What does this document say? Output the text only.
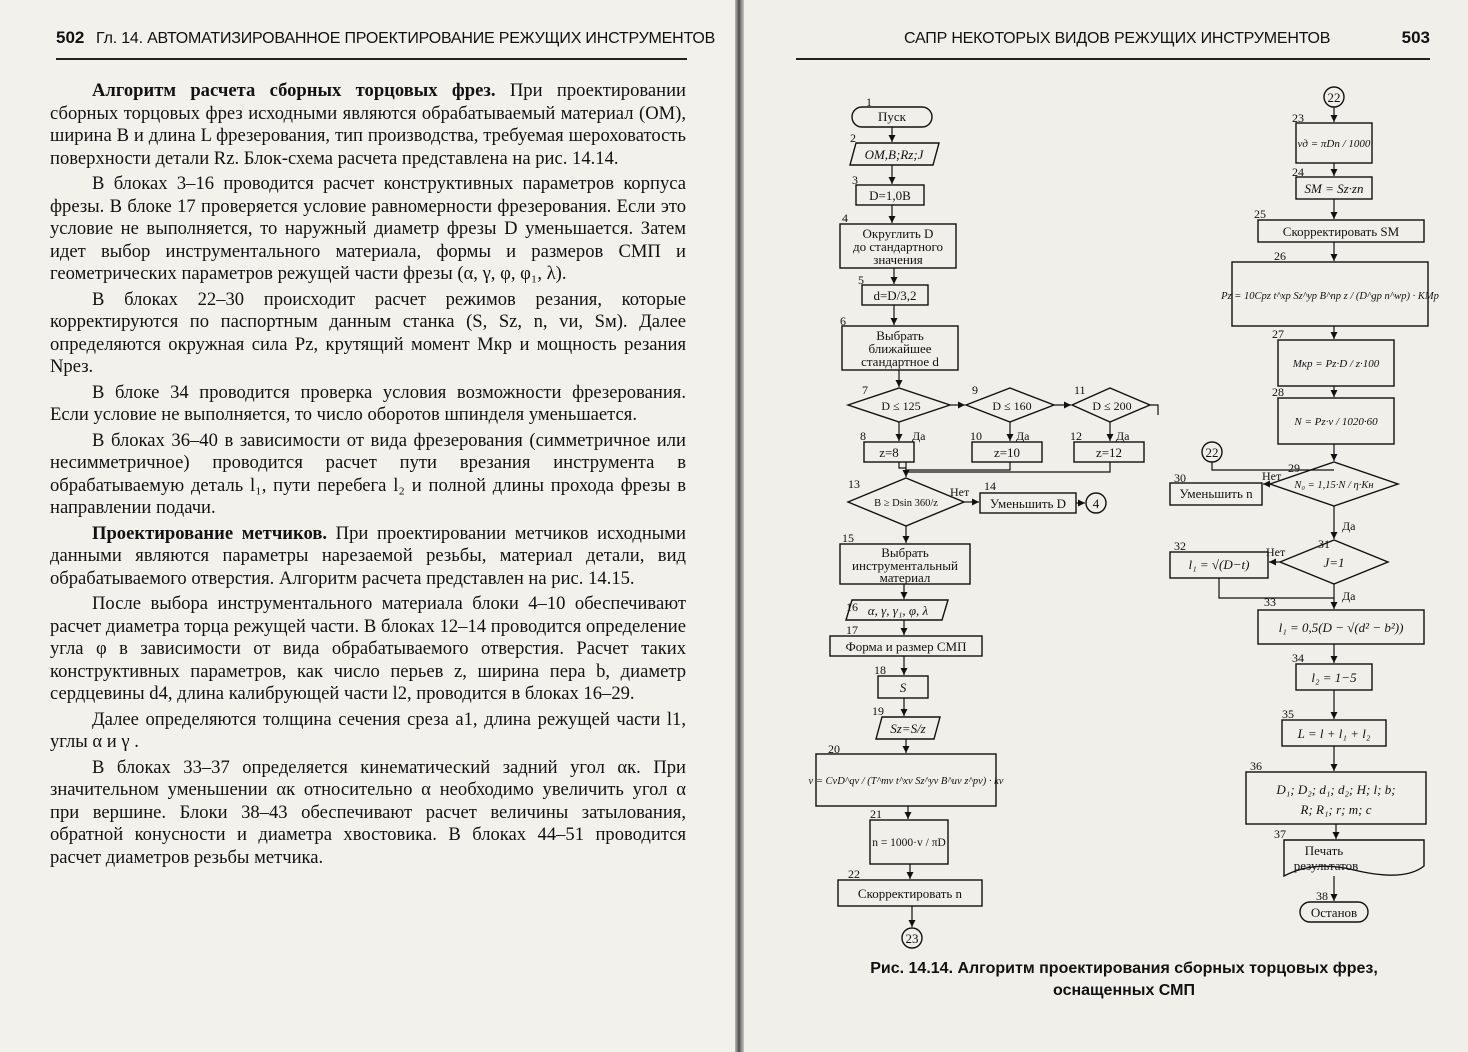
502 Гл. 14. АВТОМАТИЗИРОВАННОЕ ПРОЕКТИРОВАНИЕ РЕЖУЩИХ ИНСТРУМЕНТОВ

Алгоритм расчета сборных торцовых фрез. При проектировании сборных торцовых фрез исходными являются обрабатываемый материал (ОМ), ширина B и длина L фрезерования, тип производства, требуемая шероховатость поверхности детали Rz. Блок-схема расчета представлена на рис. 14.14.

В блоках 3–16 проводится расчет конструктивных параметров корпуса фрезы. В блоке 17 проверяется условие равномерности фрезерования. Если это условие не выполняется, то наружный диаметр фрезы D уменьшается. Затем идет выбор инструментального материала, формы и размеров СМП и геометрических параметров режущей части фрезы (α, γ, φ, φ₁, λ).

В блоках 22–30 происходит расчет режимов резания, которые корректируются по паспортным данным станка (S, Sz, n, vи, Sм). Далее определяются окружная сила Pz, крутящий момент Mкр и мощность резания Nрез.

В блоке 34 проводится проверка условия возможности фрезерования. Если условие не выполняется, то число оборотов шпинделя уменьшается.

В блоках 36–40 в зависимости от вида фрезерования (симметричное или несимметричное) проводится расчет пути врезания инструмента в обрабатываемую деталь l₁, пути перебега l₂ и полной длины прохода фрезы в направлении подачи.

Проектирование метчиков. При проектировании метчиков исходными данными являются параметры нарезаемой резьбы, материал детали, вид обрабатываемого отверстия. Алгоритм расчета представлен на рис. 14.15.

После выбора инструментального материала блоки 4–10 обеспечивают расчет диаметра торца режущей части. В блоках 12–14 проводится определение угла φ в зависимости от вида обрабатываемого отверстия. Расчет таких конструктивных параметров, как число перьев z, ширина пера b, диаметр сердцевины d4, длина калибрующей части l2, проводится в блоках 16–29.

Далее определяются толщина сечения среза a1, длина режущей части l1, углы α и γ .

В блоках 33–37 определяется кинематический задний угол αк. При значительном уменьшении αк относительно α необходимо увеличить угол α при вершине. Блоки 38–43 обеспечивают расчет величины затылования, обратной конусности и диаметра хвостовика. В блоках 44–51 проводится расчет диаметров резьбы метчика.

САПР НЕКОТОРЫХ ВИДОВ РЕЖУЩИХ ИНСТРУМЕНТОВ	503
Пуск
OM,B;Rz;J
D=1,0B
Округлить D
до стандартного
значения
d=D/3,2
Выбрать
ближайшее
стандартное d
D ≤ 125	D ≤ 160	D ≤ 200
z=8	z=10	z=12
B ≥ Dsin 360/z	Уменьшить D 4
Выбрать
инструментальный
материал
α, γ, γ₁, φ, λ
Форма и размер СМП
S
Sz=S/z
v = CvD^qv / (T^mv t^xv Sz^yv B^uv z^pv) · kv
n = 1000·v / πD
Скорректировать n
23
22
vд = πDn / 1000
SM = Sz·zn
Скорректировать SM
Pz = 10Cpz t^xp Sz^yp B^np z / (D^gp n^wp) · KMp
Mкр = Pz·D / z·100
N = Pz·v / 1020·60
22
N₀ = 1,15·N / η·Kн
Уменьшить n
J=1
l₁ = √(D−t)
l₁ = 0,5(D − √(d² − b²))
l₂ = 1−5
L = l + l₁ + l₂
D₁; D₂; d₁; d₂; H; l; b;
R; R₁; r; m; c
Печать
результатов
Останов
Да	Да	Да
Нет
Нет
Да
Нет
Да
1
2
3
4
5
6
7	9	11
8	10	12
13	14
15
16
17
18
19
20
21
22
23
24
25
26
27
28
29
30
31
32
33
34
35
36
37
38
Рис. 14.14. Алгоритм проектирования сборных торцовых фрез,
оснащенных СМП
